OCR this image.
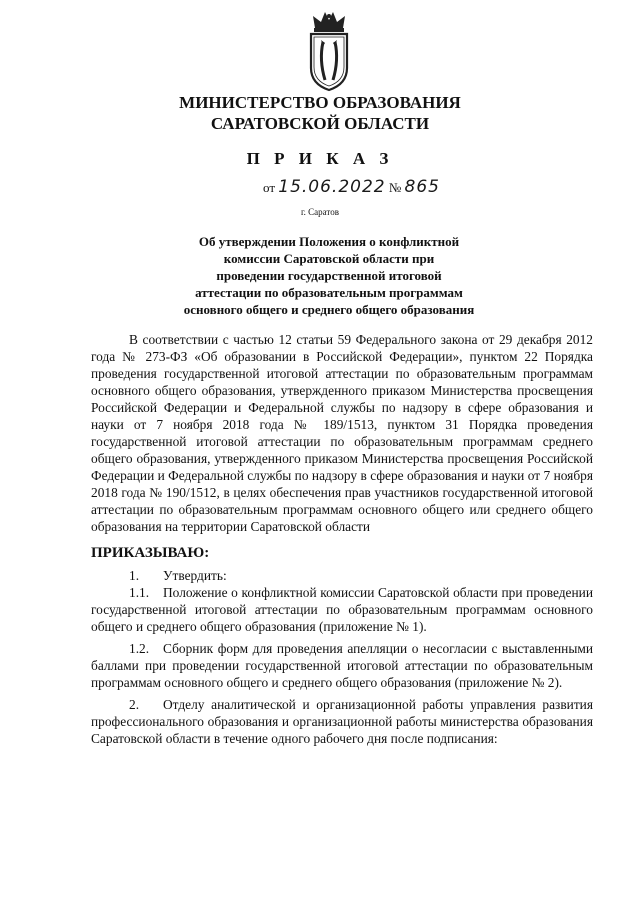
МИНИСТЕРСТВО ОБРАЗОВАНИЯ
САРАТОВСКОЙ ОБЛАСТИ
П Р И К А З
от 15.06.2022 № 865
г. Саратов
Об утверждении Положения о конфликтной
комиссии Саратовской области при
проведении государственной итоговой
аттестации по образовательным программам
основного общего и среднего общего образования

В соответствии с частью 12 статьи 59 Федерального закона от 29 декабря 2012 года № 273-ФЗ «Об образовании в Российской Федерации», пунктом 22 Порядка проведения государственной итоговой аттестации по образовательным программам основного общего образования, утвержденного приказом Министерства просвещения Российской Федерации и Федеральной службы по надзору в сфере образования и науки от 7 ноября 2018 года № 189/1513, пунктом 31 Порядка проведения государственной итоговой аттестации по образовательным программам среднего общего образования, утвержденного приказом Министерства просвещения Российской Федерации и Федеральной службы по надзору в сфере образования и науки от 7 ноября 2018 года № 190/1512, в целях обеспечения прав участников государственной итоговой аттестации по образовательным программам основного общего или среднего общего образования на территории Саратовской области

ПРИКАЗЫВАЮ:

1. Утвердить:

1.1. Положение о конфликтной комиссии Саратовской области при проведении государственной итоговой аттестации по образовательным программам основного общего и среднего общего образования (приложение № 1).

1.2. Сборник форм для проведения апелляции о несогласии с выставленными баллами при проведении государственной итоговой аттестации по образовательным программам основного общего и среднего общего образования (приложение № 2).

2. Отделу аналитической и организационной работы управления развития профессионального образования и организационной работы министерства образования Саратовской области в течение одного рабочего дня после подписания:
